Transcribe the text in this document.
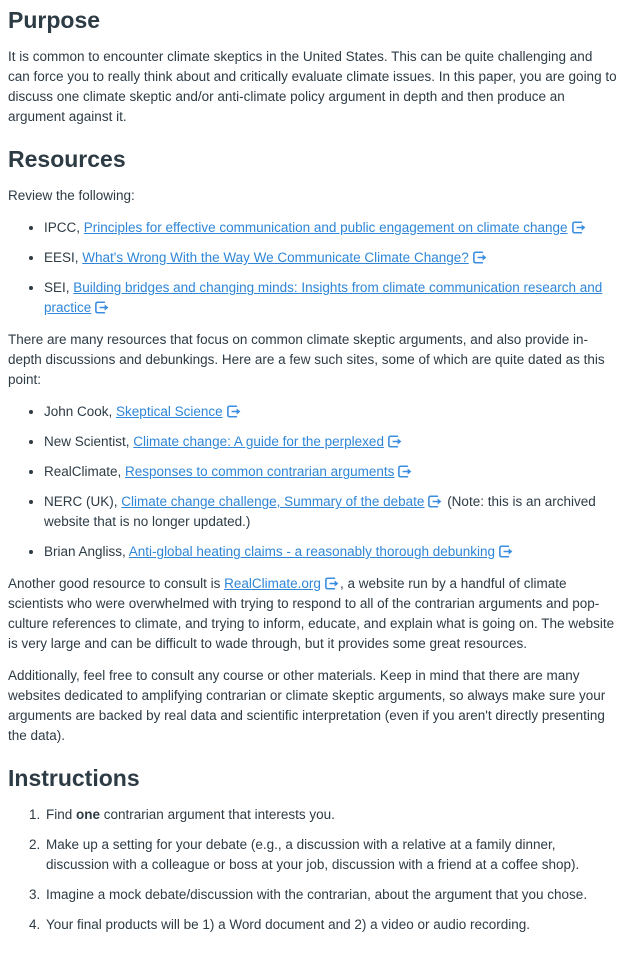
Purpose

It is common to encounter climate skeptics in the United States. This can be quite challenging and can force you to really think about and critically evaluate climate issues. In this paper, you are going to discuss one climate skeptic and/or anti-climate policy argument in depth and then produce an argument against it.

Resources

Review the following:

• IPCC, Principles for effective communication and public engagement on climate change
• EESI, What's Wrong With the Way We Communicate Climate Change?
• SEI, Building bridges and changing minds: Insights from climate communication research and practice

There are many resources that focus on common climate skeptic arguments, and also provide in-depth discussions and debunkings. Here are a few such sites, some of which are quite dated as this point:

• John Cook, Skeptical Science
• New Scientist, Climate change: A guide for the perplexed
• RealClimate, Responses to common contrarian arguments
• NERC (UK), Climate change challenge, Summary of the debate (Note: this is an archived website that is no longer updated.)
• Brian Angliss, Anti-global heating claims - a reasonably thorough debunking

Another good resource to consult is RealClimate.org , a website run by a handful of climate scientists who were overwhelmed with trying to respond to all of the contrarian arguments and pop-culture references to climate, and trying to inform, educate, and explain what is going on. The website is very large and can be difficult to wade through, but it provides some great resources.

Additionally, feel free to consult any course or other materials. Keep in mind that there are many websites dedicated to amplifying contrarian or climate skeptic arguments, so always make sure your arguments are backed by real data and scientific interpretation (even if you aren't directly presenting the data).

Instructions
1. Find one contrarian argument that interests you.
2. Make up a setting for your debate (e.g., a discussion with a relative at a family dinner, discussion with a colleague or boss at your job, discussion with a friend at a coffee shop).
3. Imagine a mock debate/discussion with the contrarian, about the argument that you chose.
4. Your final products will be 1) a Word document and 2) a video or audio recording.
